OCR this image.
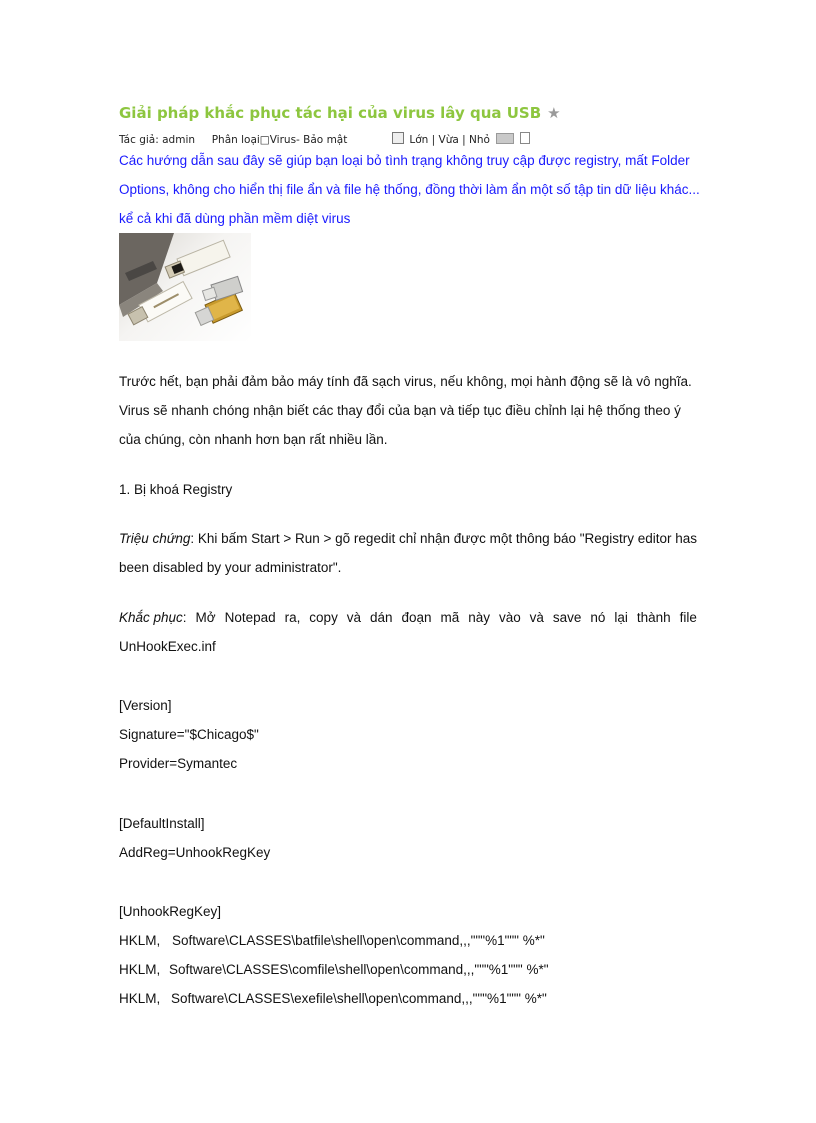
Giải pháp khắc phục tác hại của virus lây qua USB ★
Tác giả: admin Phân loại□Virus- Bảo mật	Lớn | Vừa | Nhỏ
Các hướng dẫn sau đây sẽ giúp bạn loại bỏ tình trạng không truy cập được registry, mất Folder
Options, không cho hiển thị file ẩn và file hệ thống, đồng thời làm ẩn một số tập tin dữ liệu khác...
kể cả khi đã dùng phần mềm diệt virus
Trước hết, bạn phải đảm bảo máy tính đã sạch virus, nếu không, mọi hành động sẽ là vô nghĩa.
Virus sẽ nhanh chóng nhận biết các thay đổi của bạn và tiếp tục điều chỉnh lại hệ thống theo ý
của chúng, còn nhanh hơn bạn rất nhiều lần.
1. Bị khoá Registry
Triệu chứng: Khi bấm Start > Run > gõ regedit chỉ nhận được một thông báo "Registry editor has
been disabled by your administrator".
Khắc phục: Mở Notepad ra, copy và dán đoạn mã này vào và save nó lại thành file
UnHookExec.inf
[Version]
Signature="$Chicago$"
Provider=Symantec
[DefaultInstall]
AddReg=UnhookRegKey
[UnhookRegKey]
HKLM, Software\CLASSES\batfile\shell\open\command,,,"""%1""" %*"
HKLM, Software\CLASSES\comfile\shell\open\command,,,"""%1""" %*"
HKLM, Software\CLASSES\exefile\shell\open\command,,,"""%1""" %*"
